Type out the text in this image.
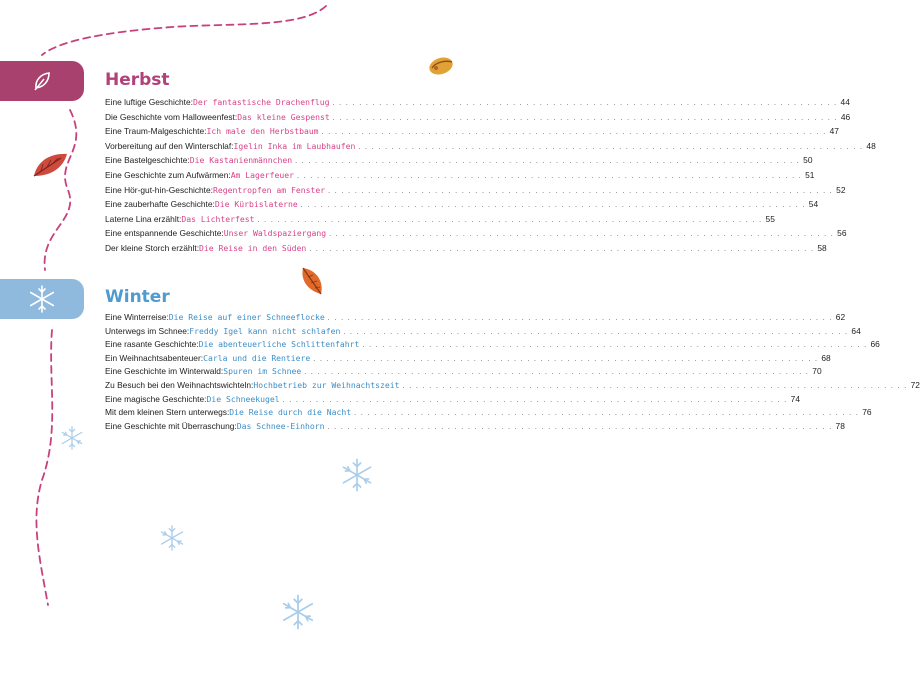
Herbst
Eine luftige Geschichte: Der fantastische Drachenflug . . . . . . . . . . . . . . . . . . . . . . . . . . . . . . . . . . . . . . . . . . . . . . . . . . . . . . . . . . . . . . . . . . . . . . . . . . . . 44
Die Geschichte vom Halloweenfest: Das kleine Gespenst . . . . . . . . . . . . . . . . . . . . . . . . . . . . . . . . . . . . . . . . . . . . . . . . . . . . . . . . . . . . . . . . . . . . . . . . . . . . 46
Eine Traum-Malgeschichte: Ich male den Herbstbaum . . . . . . . . . . . . . . . . . . . . . . . . . . . . . . . . . . . . . . . . . . . . . . . . . . . . . . . . . . . . . . . . . . . . . . . . . . . . 47
Vorbereitung auf den Winterschlaf: Igelin Inka im Laubhaufen . . . . . . . . . . . . . . . . . . . . . . . . . . . . . . . . . . . . . . . . . . . . . . . . . . . . . . . . . . . . . . . . . . . . . . . . . . . . 48
Eine Bastelgeschichte: Die Kastanienmännchen . . . . . . . . . . . . . . . . . . . . . . . . . . . . . . . . . . . . . . . . . . . . . . . . . . . . . . . . . . . . . . . . . . . . . . . . . . . . 50
Eine Geschichte zum Aufwärmen: Am Lagerfeuer . . . . . . . . . . . . . . . . . . . . . . . . . . . . . . . . . . . . . . . . . . . . . . . . . . . . . . . . . . . . . . . . . . . . . . . . . . . . 51
Eine Hör-gut-hin-Geschichte: Regentropfen am Fenster . . . . . . . . . . . . . . . . . . . . . . . . . . . . . . . . . . . . . . . . . . . . . . . . . . . . . . . . . . . . . . . . . . . . . . . . . . . . 52
Eine zauberhafte Geschichte: Die Kürbislaterne . . . . . . . . . . . . . . . . . . . . . . . . . . . . . . . . . . . . . . . . . . . . . . . . . . . . . . . . . . . . . . . . . . . . . . . . . . . . 54
Laterne Lina erzählt: Das Lichterfest . . . . . . . . . . . . . . . . . . . . . . . . . . . . . . . . . . . . . . . . . . . . . . . . . . . . . . . . . . . . . . . . . . . . . . . . . . . . 55
Eine entspannende Geschichte: Unser Waldspaziergang . . . . . . . . . . . . . . . . . . . . . . . . . . . . . . . . . . . . . . . . . . . . . . . . . . . . . . . . . . . . . . . . . . . . . . . . . . . . 56
Der kleine Storch erzählt: Die Reise in den Süden . . . . . . . . . . . . . . . . . . . . . . . . . . . . . . . . . . . . . . . . . . . . . . . . . . . . . . . . . . . . . . . . . . . . . . . . . . . . 58
Winter
Eine Winterreise: Die Reise auf einer Schneeflocke . . . . . . . . . . . . . . . . . . . . . . . . . . . . . . . . . . . . . . . . . . . . . . . . . . . . . . . . . . . . . . . . . . . . . . . . . . . . 62
Unterwegs im Schnee: Freddy Igel kann nicht schlafen . . . . . . . . . . . . . . . . . . . . . . . . . . . . . . . . . . . . . . . . . . . . . . . . . . . . . . . . . . . . . . . . . . . . . . . . . . . . 64
Eine rasante Geschichte: Die abenteuerliche Schlittenfahrt . . . . . . . . . . . . . . . . . . . . . . . . . . . . . . . . . . . . . . . . . . . . . . . . . . . . . . . . . . . . . . . . . . . . . . . . . . . . 66
Ein Weihnachtsabenteuer: Carla und die Rentiere . . . . . . . . . . . . . . . . . . . . . . . . . . . . . . . . . . . . . . . . . . . . . . . . . . . . . . . . . . . . . . . . . . . . . . . . . . . . 68
Eine Geschichte im Winterwald: Spuren im Schnee . . . . . . . . . . . . . . . . . . . . . . . . . . . . . . . . . . . . . . . . . . . . . . . . . . . . . . . . . . . . . . . . . . . . . . . . . . . . 70
Zu Besuch bei den Weihnachtswichteln: Hochbetrieb zur Weihnachtszeit . . . . . . . . . . . . . . . . . . . . . . . . . . . . . . . . . . . . . . . . . . . . . . . . . . . . . . . . . . . . . . . . . . . . . . . . . . . . 72
Eine magische Geschichte: Die Schneekugel . . . . . . . . . . . . . . . . . . . . . . . . . . . . . . . . . . . . . . . . . . . . . . . . . . . . . . . . . . . . . . . . . . . . . . . . . . . . 74
Mit dem kleinen Stern unterwegs: Die Reise durch die Nacht . . . . . . . . . . . . . . . . . . . . . . . . . . . . . . . . . . . . . . . . . . . . . . . . . . . . . . . . . . . . . . . . . . . . . . . . . . . . 76
Eine Geschichte mit Überraschung: Das Schnee-Einhorn . . . . . . . . . . . . . . . . . . . . . . . . . . . . . . . . . . . . . . . . . . . . . . . . . . . . . . . . . . . . . . . . . . . . . . . . . . . . 78
